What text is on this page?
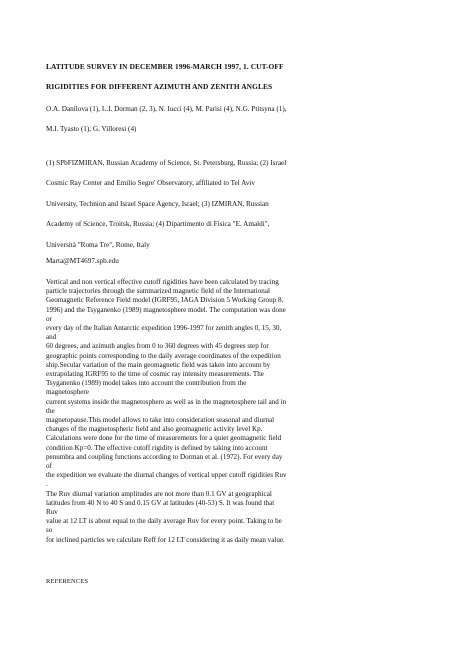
LATITUDE SURVEY IN DECEMBER 1996-MARCH 1997, 1. CUT-OFF
RIGIDITIES FOR DIFFERENT AZIMUTH AND ZENITH ANGLES
O.A. Danilova (1), L.I. Dorman (2, 3), N. Iucci (4), M. Parisi (4), N.G. Ptitsyna (1),
M.I. Tyasto (1), G. Villoresi (4)
(1) SPbFIZMIRAN, Russian Academy of Science, St. Petersburg, Russia; (2) Israel
Cosmic Ray Center and Emilio Segre' Observatory, affiliated to Tel Aviv
University, Technion and Israel Space Agency, Israel; (3) IZMIRAN, Russian
Academy of Science, Troitsk, Russia; (4) Dipartimento di Fisica "E. Amaldi",
Università "Roma Tre", Rome, Italy
Marta@MT4697.spb.edu
Vertical and non vertical effective cutoff rigidities have been calculated by tracing
particle trajectories through the summarized magnetic field of the International
Geomagnetic Reference Field model (IGRF95, IAGA Division 5 Working Group 8,
1996) and the Tsyganenko (1989) magnetosphere model. The computation was done
or
every day of the Italian Antarctic expedition 1996-1997 for zenith angles 0, 15, 30,
and
60 degrees, and azimuth angles from 0 to 360 degrees with 45 degrees step for
geographic points corresponding to the daily average coordinates of the expedition
ship.Secular variation of the main geomagnetic field was taken into account by
extrapolating IGRF95 to the time of cosmic ray intensity measurements. The
Tsyganenko (1989) model takes into account the contribution from the
magnetosphere
current systems inside the magnetosphere as well as in the magnetosphere tail and in
the
magnetopause.This model allows to take into consideration seasonal and diurnal
changes of the magnetospheric field and also geomagnetic activity level Kp.
Calculations were done for the time of measurements for a quiet geomagnetic field
condition Kp=0. The effective cutoff rigidity is defined by taking into account
penumbra and coupling functions according to Dorman et al. (1972). For every day
of
the expedition we evaluate the diurnal changes of vertical upper cutoff rigidities Ruv
.
The Ruv diurnal variation amplitudes are not more than 0.1 GV at geographical
latitudes from 40 N to 40 S and 0.15 GV at latitudes (40-53) S. It was found that
Ruv
value at 12 LT is about equal to the daily average Ruv for every point. Taking to be
so
for inclined particles we calculate Reff for 12 LT considering it as daily mean value.
REFERENCES
